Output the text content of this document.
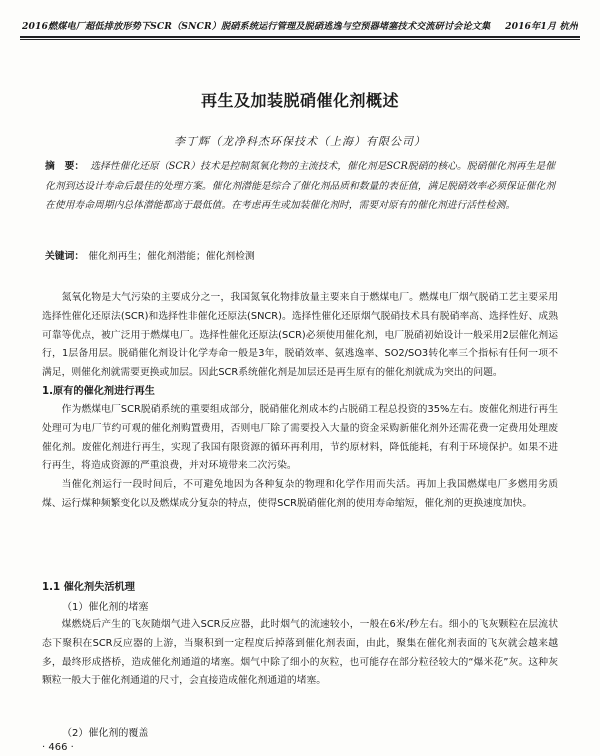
2016燃煤电厂超低排放形势下SCR（SNCR）脱硝系统运行管理及脱硝逃逸与空预器堵塞技术交流研讨会论文集 2016年1月 杭州
再生及加装脱硝催化剂概述
李丁辉（龙净科杰环保技术（上海）有限公司）
摘　要： 选择性催化还原（SCR）技术是控制氮氧化物的主流技术，催化剂是SCR脱硝的核心。脱硝催化剂再生是催化剂到达设计寿命后最佳的处理方案。催化剂潜能是综合了催化剂品质和数量的表征值，满足脱硝效率必须保证催化剂在使用寿命周期内总体潜能都高于最低值。在考虑再生或加装催化剂时，需要对原有的催化剂进行活性检测。
关键词： 催化剂再生；催化剂潜能；催化剂检测

氮氧化物是大气污染的主要成分之一，我国氮氧化物排放量主要来自于燃煤电厂。燃煤电厂烟气脱硝工艺主要采用选择性催化还原法(SCR)和选择性非催化还原法(SNCR)。选择性催化还原烟气脱硝技术具有脱硝率高、选择性好、成熟可靠等优点，被广泛用于燃煤电厂。选择性催化还原法(SCR)必须使用催化剂，电厂脱硝初始设计一般采用2层催化剂运行，1层备用层。脱硝催化剂设计化学寿命一般是3年，脱硝效率、氨逃逸率、SO2/SO3转化率三个指标有任何一项不满足，则催化剂就需要更换或加层。因此SCR系统催化剂是加层还是再生原有的催化剂就成为突出的问题。

1.原有的催化剂进行再生

作为燃煤电厂SCR脱硝系统的重要组成部分，脱硝催化剂成本约占脱硝工程总投资的35%左右。废催化剂进行再生处理可为电厂节约可观的催化剂购置费用，否则电厂除了需要投入大量的资金采购新催化剂外还需花费一定费用处理废催化剂。废催化剂进行再生，实现了我国有限资源的循环再利用，节约原材料，降低能耗，有利于环境保护。如果不进行再生，将造成资源的严重浪费，并对环境带来二次污染。

当催化剂运行一段时间后，不可避免地因为各种复杂的物理和化学作用而失活。再加上我国燃煤电厂多燃用劣质煤、运行煤种频繁变化以及燃煤成分复杂的特点，使得SCR脱硝催化剂的使用寿命缩短，催化剂的更换速度加快。

1.1 催化剂失活机理
（1）催化剂的堵塞

煤燃烧后产生的飞灰随烟气进入SCR反应器，此时烟气的流速较小，一般在6米/秒左右。细小的飞灰颗粒在层流状态下聚积在SCR反应器的上游，当聚积到一定程度后掉落到催化剂表面，由此，聚集在催化剂表面的飞灰就会越来越多，最终形成搭桥，造成催化剂通道的堵塞。烟气中除了细小的灰粒，也可能存在部分粒径较大的“爆米花”灰。这种灰颗粒一般大于催化剂通道的尺寸，会直接造成催化剂通道的堵塞。

（2）催化剂的覆盖
· 466 ·
